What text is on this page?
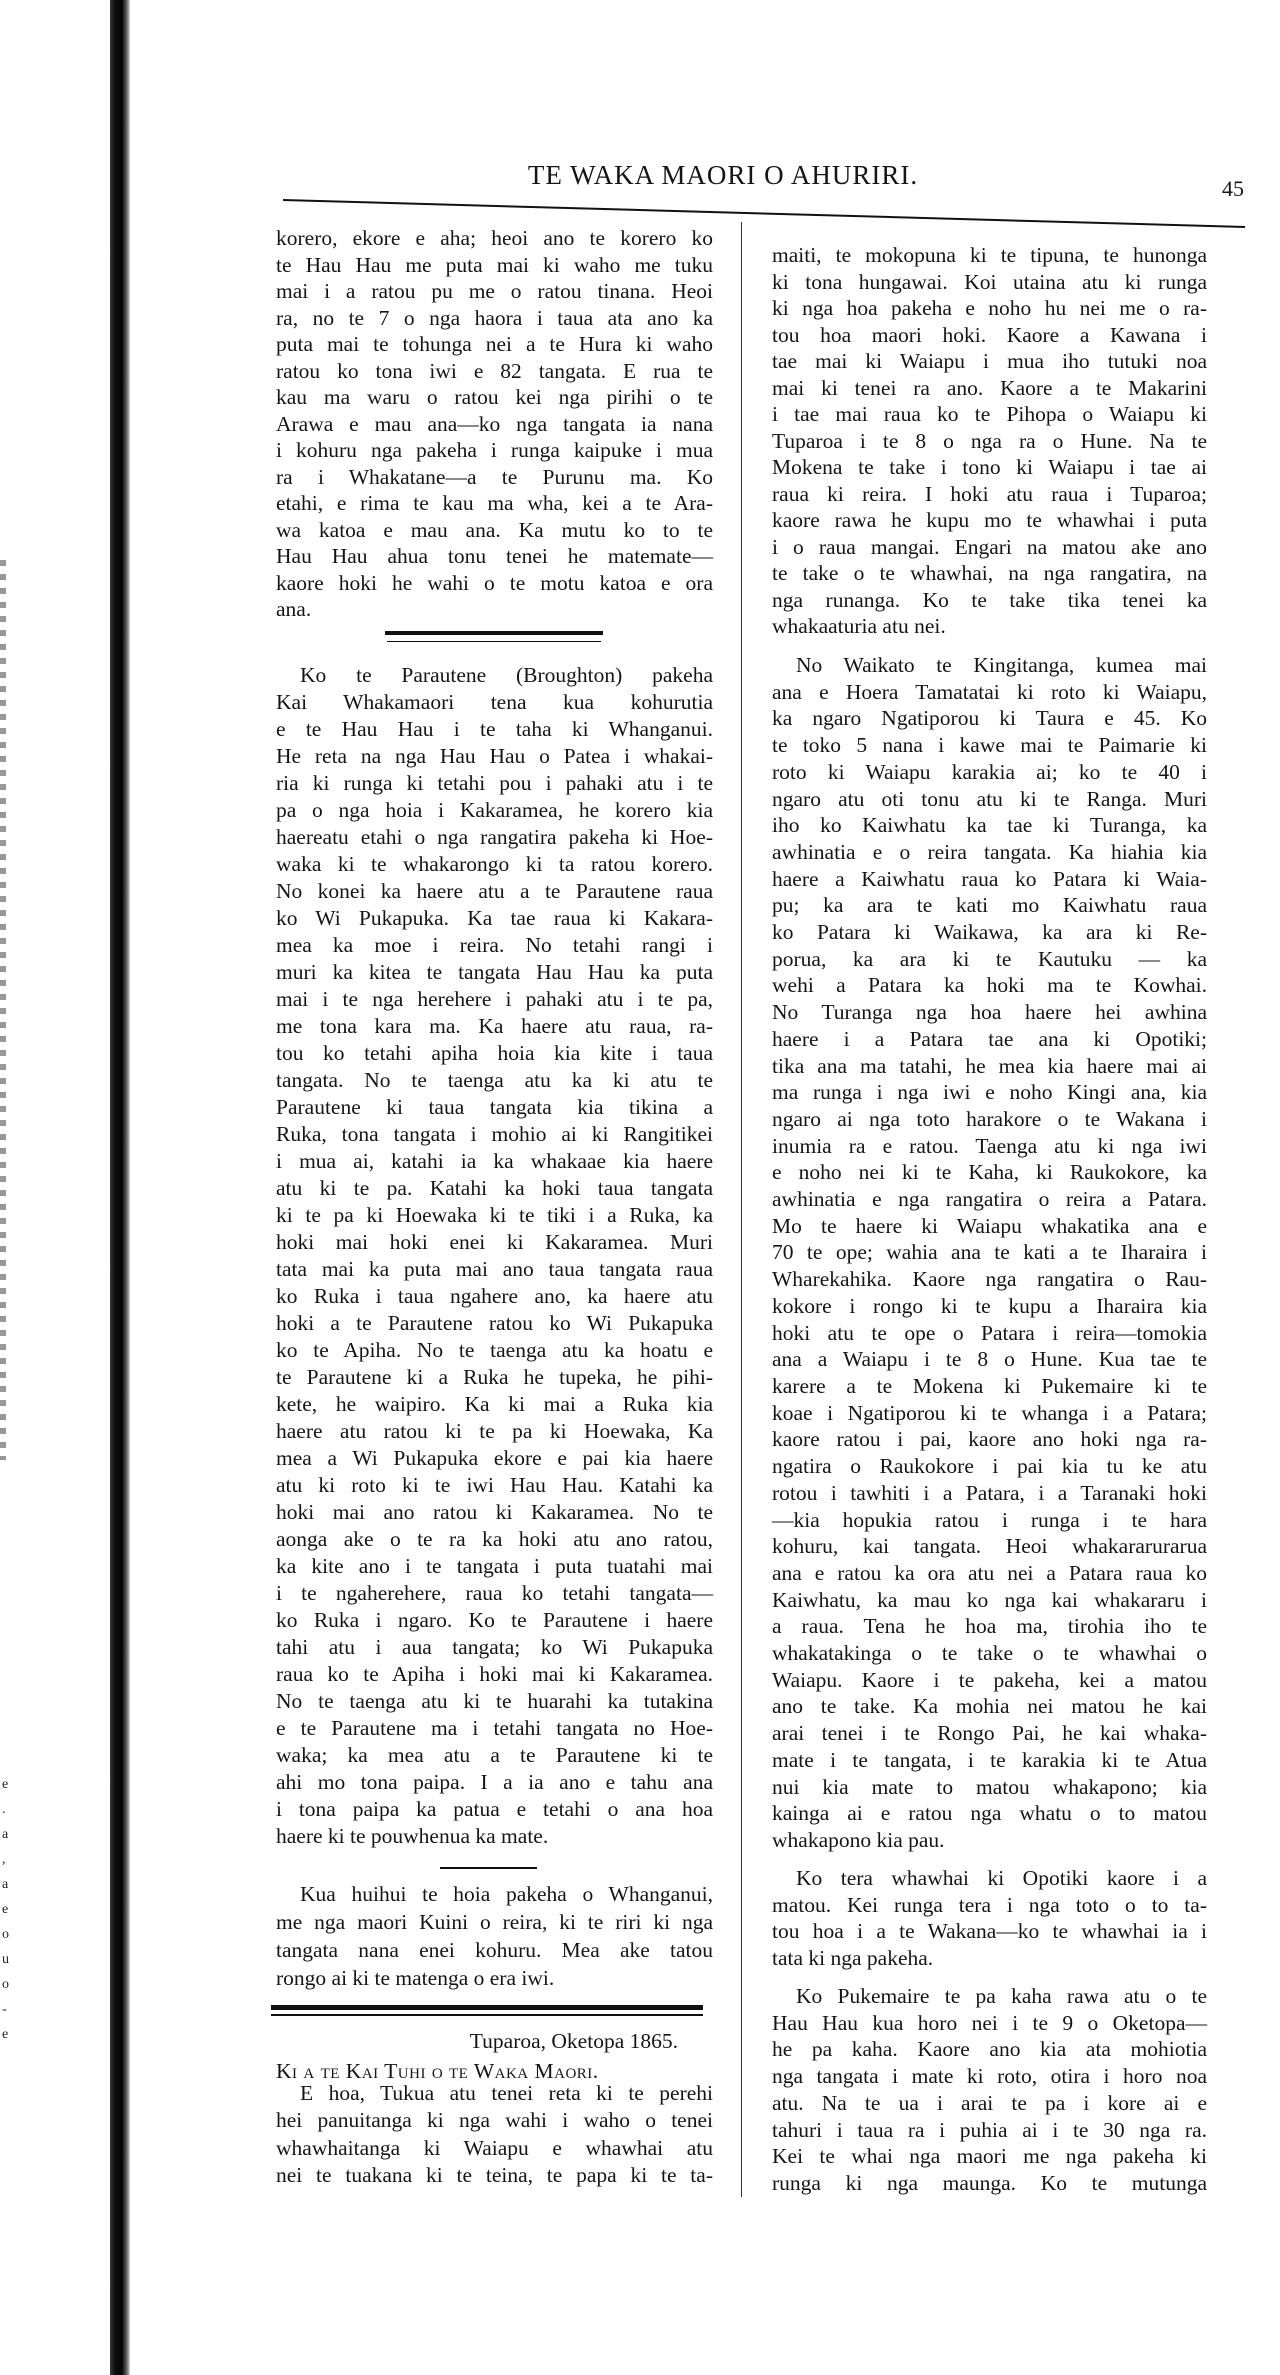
e
.
a
,
a
e
o
u
o
-
e
TE WAKA MAORI O AHURIRI.	45
korero, ekore e aha; heoi ano te korero ko
te Hau Hau me puta mai ki waho me tuku
mai i a ratou pu me o ratou tinana. Heoi
ra, no te 7 o nga haora i taua ata ano ka
puta mai te tohunga nei a te Hura ki waho
ratou ko tona iwi e 82 tangata. E rua te
kau ma waru o ratou kei nga pirihi o te
Arawa e mau ana—ko nga tangata ia nana
i kohuru nga pakeha i runga kaipuke i mua
ra i Whakatane—a te Purunu ma. Ko
etahi, e rima te kau ma wha, kei a te Ara-
wa katoa e mau ana. Ka mutu ko to te
Hau Hau ahua tonu tenei he matemate—
kaore hoki he wahi o te motu katoa e ora
ana.
Ko te Parautene (Broughton) pakeha
Kai Whakamaori tena kua kohurutia
e te Hau Hau i te taha ki Whanganui.
He reta na nga Hau Hau o Patea i whakai-
ria ki runga ki tetahi pou i pahaki atu i te
pa o nga hoia i Kakaramea, he korero kia
haereatu etahi o nga rangatira pakeha ki Hoe-
waka ki te whakarongo ki ta ratou korero.
No konei ka haere atu a te Parautene raua
ko Wi Pukapuka. Ka tae raua ki Kakara-
mea ka moe i reira. No tetahi rangi i
muri ka kitea te tangata Hau Hau ka puta
mai i te nga herehere i pahaki atu i te pa,
me tona kara ma. Ka haere atu raua, ra-
tou ko tetahi apiha hoia kia kite i taua
tangata. No te taenga atu ka ki atu te
Parautene ki taua tangata kia tikina a
Ruka, tona tangata i mohio ai ki Rangitikei
i mua ai, katahi ia ka whakaae kia haere
atu ki te pa. Katahi ka hoki taua tangata
ki te pa ki Hoewaka ki te tiki i a Ruka, ka
hoki mai hoki enei ki Kakaramea. Muri
tata mai ka puta mai ano taua tangata raua
ko Ruka i taua ngahere ano, ka haere atu
hoki a te Parautene ratou ko Wi Pukapuka
ko te Apiha. No te taenga atu ka hoatu e
te Parautene ki a Ruka he tupeka, he pihi-
kete, he waipiro. Ka ki mai a Ruka kia
haere atu ratou ki te pa ki Hoewaka, Ka
mea a Wi Pukapuka ekore e pai kia haere
atu ki roto ki te iwi Hau Hau. Katahi ka
hoki mai ano ratou ki Kakaramea. No te
aonga ake o te ra ka hoki atu ano ratou,
ka kite ano i te tangata i puta tuatahi mai
i te ngaherehere, raua ko tetahi tangata—
ko Ruka i ngaro. Ko te Parautene i haere
tahi atu i aua tangata; ko Wi Pukapuka
raua ko te Apiha i hoki mai ki Kakaramea.
No te taenga atu ki te huarahi ka tutakina
e te Parautene ma i tetahi tangata no Hoe-
waka; ka mea atu a te Parautene ki te
ahi mo tona paipa. I a ia ano e tahu ana
i tona paipa ka patua e tetahi o ana hoa
haere ki te pouwhenua ka mate.
Kua huihui te hoia pakeha o Whanganui,
me nga maori Kuini o reira, ki te riri ki nga
tangata nana enei kohuru. Mea ake tatou
rongo ai ki te matenga o era iwi.
Tuparoa, Oketopa 1865.
Ki a te Kai Tuhi o te Waka Maori.
E hoa, Tukua atu tenei reta ki te perehi
hei panuitanga ki nga wahi i waho o tenei
whawhaitanga ki Waiapu e whawhai atu
nei te tuakana ki te teina, te papa ki te ta-
maiti, te mokopuna ki te tipuna, te hunonga
ki tona hungawai. Koi utaina atu ki runga
ki nga hoa pakeha e noho hu nei me o ra-
tou hoa maori hoki. Kaore a Kawana i
tae mai ki Waiapu i mua iho tutuki noa
mai ki tenei ra ano. Kaore a te Makarini
i tae mai raua ko te Pihopa o Waiapu ki
Tuparoa i te 8 o nga ra o Hune. Na te
Mokena te take i tono ki Waiapu i tae ai
raua ki reira. I hoki atu raua i Tuparoa;
kaore rawa he kupu mo te whawhai i puta
i o raua mangai. Engari na matou ake ano
te take o te whawhai, na nga rangatira, na
nga runanga. Ko te take tika tenei ka
whakaaturia atu nei.
No Waikato te Kingitanga, kumea mai
ana e Hoera Tamatatai ki roto ki Waiapu,
ka ngaro Ngatiporou ki Taura e 45. Ko
te toko 5 nana i kawe mai te Paimarie ki
roto ki Waiapu karakia ai; ko te 40 i
ngaro atu oti tonu atu ki te Ranga. Muri
iho ko Kaiwhatu ka tae ki Turanga, ka
awhinatia e o reira tangata. Ka hiahia kia
haere a Kaiwhatu raua ko Patara ki Waia-
pu; ka ara te kati mo Kaiwhatu raua
ko Patara ki Waikawa, ka ara ki Re-
porua, ka ara ki te Kautuku — ka
wehi a Patara ka hoki ma te Kowhai.
No Turanga nga hoa haere hei awhina
haere i a Patara tae ana ki Opotiki;
tika ana ma tatahi, he mea kia haere mai ai
ma runga i nga iwi e noho Kingi ana, kia
ngaro ai nga toto harakore o te Wakana i
inumia ra e ratou. Taenga atu ki nga iwi
e noho nei ki te Kaha, ki Raukokore, ka
awhinatia e nga rangatira o reira a Patara.
Mo te haere ki Waiapu whakatika ana e
70 te ope; wahia ana te kati a te Iharaira i
Wharekahika. Kaore nga rangatira o Rau-
kokore i rongo ki te kupu a Iharaira kia
hoki atu te ope o Patara i reira—tomokia
ana a Waiapu i te 8 o Hune. Kua tae te
karere a te Mokena ki Pukemaire ki te
koae i Ngatiporou ki te whanga i a Patara;
kaore ratou i pai, kaore ano hoki nga ra-
ngatira o Raukokore i pai kia tu ke atu
rotou i tawhiti i a Patara, i a Taranaki hoki
—kia hopukia ratou i runga i te hara
kohuru, kai tangata. Heoi whakararurarua
ana e ratou ka ora atu nei a Patara raua ko
Kaiwhatu, ka mau ko nga kai whakararu i
a raua. Tena he hoa ma, tirohia iho te
whakatakinga o te take o te whawhai o
Waiapu. Kaore i te pakeha, kei a matou
ano te take. Ka mohia nei matou he kai
arai tenei i te Rongo Pai, he kai whaka-
mate i te tangata, i te karakia ki te Atua
nui kia mate to matou whakapono; kia
kainga ai e ratou nga whatu o to matou
whakapono kia pau.
Ko tera whawhai ki Opotiki kaore i a
matou. Kei runga tera i nga toto o to ta-
tou hoa i a te Wakana—ko te whawhai ia i
tata ki nga pakeha.
Ko Pukemaire te pa kaha rawa atu o te
Hau Hau kua horo nei i te 9 o Oketopa—
he pa kaha. Kaore ano kia ata mohiotia
nga tangata i mate ki roto, otira i horo noa
atu. Na te ua i arai te pa i kore ai e
tahuri i taua ra i puhia ai i te 30 nga ra.
Kei te whai nga maori me nga pakeha ki
runga ki nga maunga. Ko te mutunga
